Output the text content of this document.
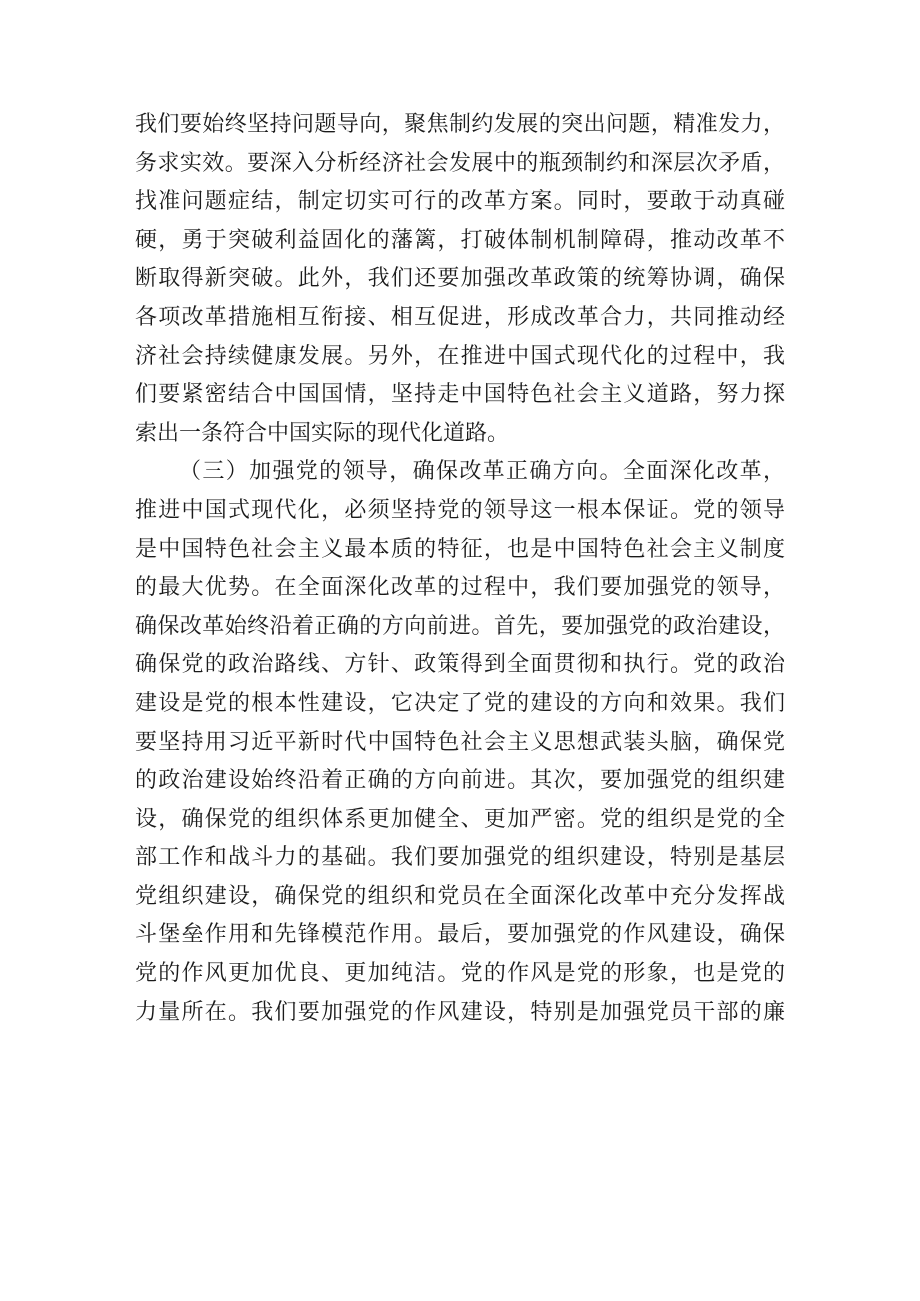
我们要始终坚持问题导向，聚焦制约发展的突出问题，精准发力，
务求实效。要深入分析经济社会发展中的瓶颈制约和深层次矛盾，
找准问题症结，制定切实可行的改革方案。同时，要敢于动真碰
硬，勇于突破利益固化的藩篱，打破体制机制障碍，推动改革不
断取得新突破。此外，我们还要加强改革政策的统筹协调，确保
各项改革措施相互衔接、相互促进，形成改革合力，共同推动经
济社会持续健康发展。另外，在推进中国式现代化的过程中，我
们要紧密结合中国国情，坚持走中国特色社会主义道路，努力探
索出一条符合中国实际的现代化道路。
（三）加强党的领导，确保改革正确方向。全面深化改革，
推进中国式现代化，必须坚持党的领导这一根本保证。党的领导
是中国特色社会主义最本质的特征，也是中国特色社会主义制度
的最大优势。在全面深化改革的过程中，我们要加强党的领导，
确保改革始终沿着正确的方向前进。首先，要加强党的政治建设，
确保党的政治路线、方针、政策得到全面贯彻和执行。党的政治
建设是党的根本性建设，它决定了党的建设的方向和效果。我们
要坚持用习近平新时代中国特色社会主义思想武装头脑，确保党
的政治建设始终沿着正确的方向前进。其次，要加强党的组织建
设，确保党的组织体系更加健全、更加严密。党的组织是党的全
部工作和战斗力的基础。我们要加强党的组织建设，特别是基层
党组织建设，确保党的组织和党员在全面深化改革中充分发挥战
斗堡垒作用和先锋模范作用。最后，要加强党的作风建设，确保
党的作风更加优良、更加纯洁。党的作风是党的形象，也是党的
力量所在。我们要加强党的作风建设，特别是加强党员干部的廉
